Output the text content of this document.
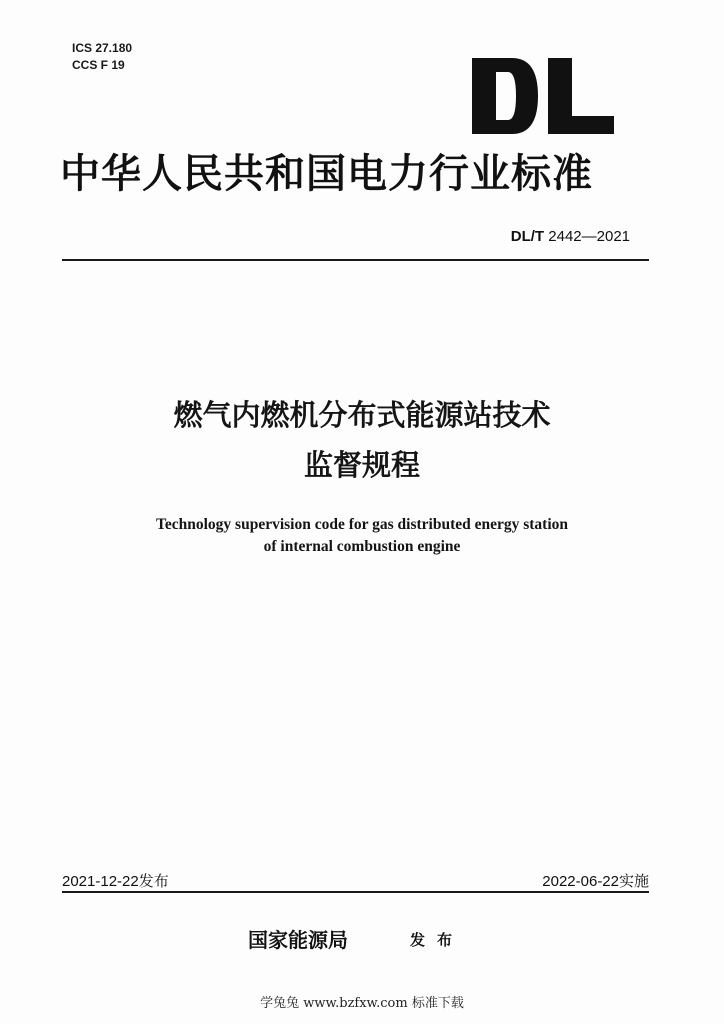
ICS 27.180
CCS F 19
中华人民共和国电力行业标准
DL/T 2442—2021
燃气内燃机分布式能源站技术
监督规程
Technology supervision code for gas distributed energy station
of internal combustion engine
2021-12-22发布	2022-06-22实施
国家能源局	发布
学兔兔 www.bzfxw.com 标准下载
